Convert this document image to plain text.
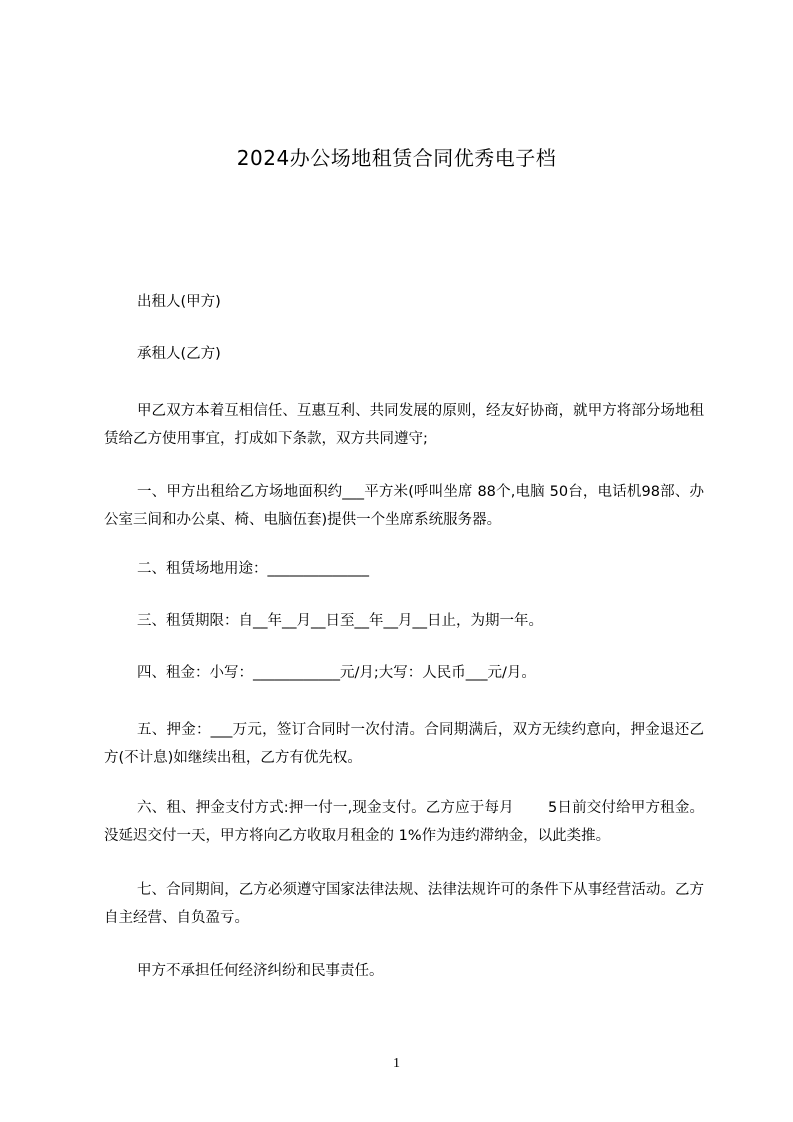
2024办公场地租赁合同优秀电子档

出租人(甲方)

承租人(乙方)

甲乙双方本着互相信任、互惠互利、共同发展的原则，经友好协商，就甲方将部分场地租赁给乙方使用事宜，打成如下条款，双方共同遵守;

一、甲方出租给乙方场地面积约___平方米(呼叫坐席 88个,电脑 50台，电话机98部、办公室三间和办公桌、椅、电脑伍套)提供一个坐席系统服务器。

二、租赁场地用途：______________

三、租赁期限：自__年__月__日至__年__月__日止，为期一年。

四、租金：小写：____________元/月;大写：人民币___元/月。

五、押金：___万元，签订合同时一次付清。合同期满后，双方无续约意向，押金退还乙方(不计息)如继续出租，乙方有优先权。

六、租、押金支付方式:押一付一,现金支付。乙方应于每月 　　5日前交付给甲方租金。没延迟交付一天，甲方将向乙方收取月租金的 1%作为违约滞纳金，以此类推。

七、合同期间，乙方必须遵守国家法律法规、法律法规许可的条件下从事经营活动。乙方自主经营、自负盈亏。

甲方不承担任何经济纠纷和民事责任。

1
